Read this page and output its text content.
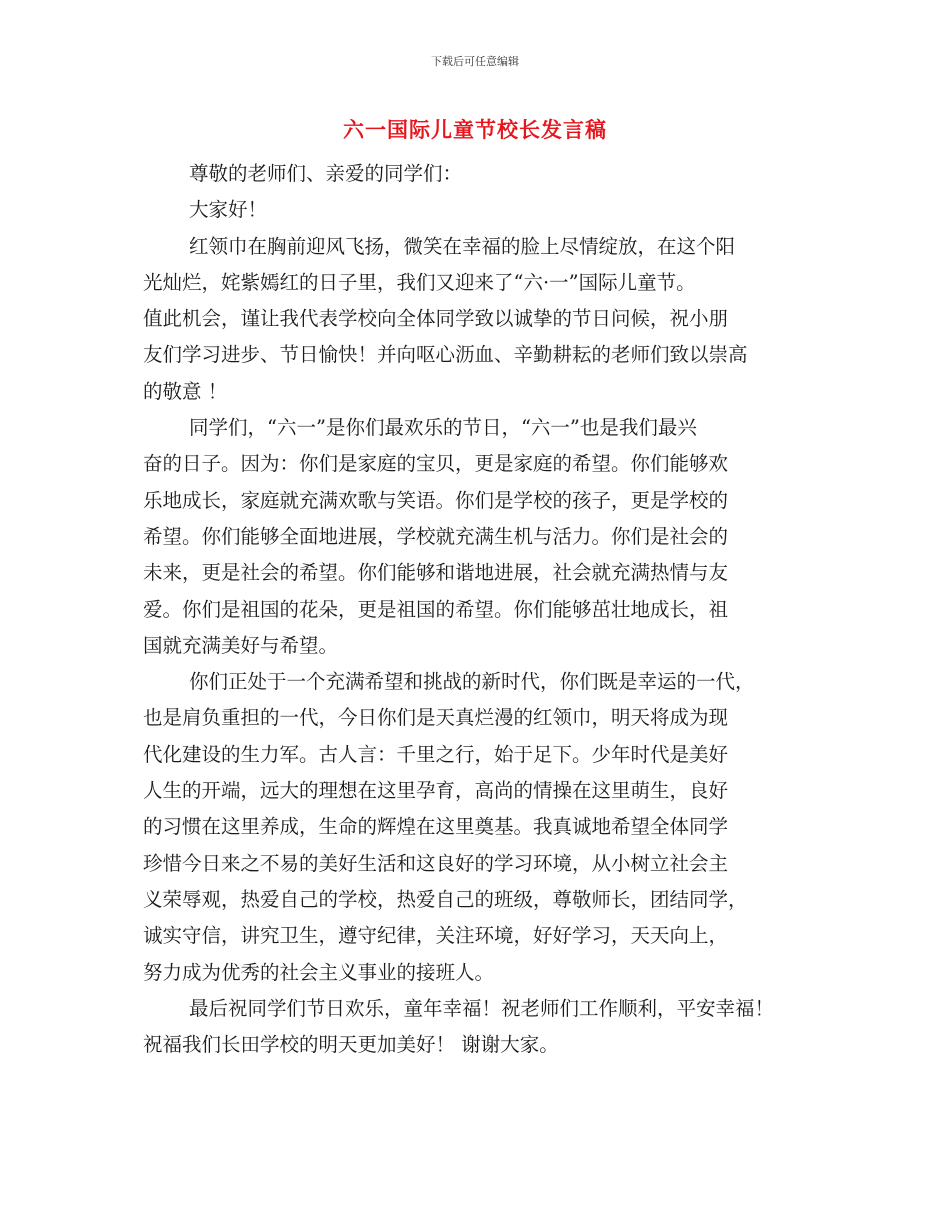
下载后可任意编辑
六一国际儿童节校长发言稿
尊敬的老师们、亲爱的同学们：
大家好！
红领巾在胸前迎风飞扬，微笑在幸福的脸上尽情绽放，在这个阳
光灿烂，姹紫嫣红的日子里，我们又迎来了“六·一”国际儿童节。
值此机会，谨让我代表学校向全体同学致以诚挚的节日问候，祝小朋
友们学习进步、节日愉快！并向呕心沥血、辛勤耕耘的老师们致以崇高
的敬意 ！
同学们，“六一”是你们最欢乐的节日，“六一”也是我们最兴
奋的日子。因为：你们是家庭的宝贝，更是家庭的希望。你们能够欢
乐地成长，家庭就充满欢歌与笑语。你们是学校的孩子，更是学校的
希望。你们能够全面地进展，学校就充满生机与活力。你们是社会的
未来，更是社会的希望。你们能够和谐地进展，社会就充满热情与友
爱。你们是祖国的花朵，更是祖国的希望。你们能够茁壮地成长，祖
国就充满美好与希望。
你们正处于一个充满希望和挑战的新时代，你们既是幸运的一代，
也是肩负重担的一代，今日你们是天真烂漫的红领巾，明天将成为现
代化建设的生力军。古人言：千里之行，始于足下。少年时代是美好
人生的开端，远大的理想在这里孕育，高尚的情操在这里萌生，良好
的习惯在这里养成，生命的辉煌在这里奠基。我真诚地希望全体同学
珍惜今日来之不易的美好生活和这良好的学习环境，从小树立社会主
义荣辱观，热爱自己的学校，热爱自己的班级，尊敬师长，团结同学，
诚实守信，讲究卫生，遵守纪律，关注环境，好好学习，天天向上，
努力成为优秀的社会主义事业的接班人。
最后祝同学们节日欢乐，童年幸福！祝老师们工作顺利，平安幸福！
祝福我们长田学校的明天更加美好！ 谢谢大家。
